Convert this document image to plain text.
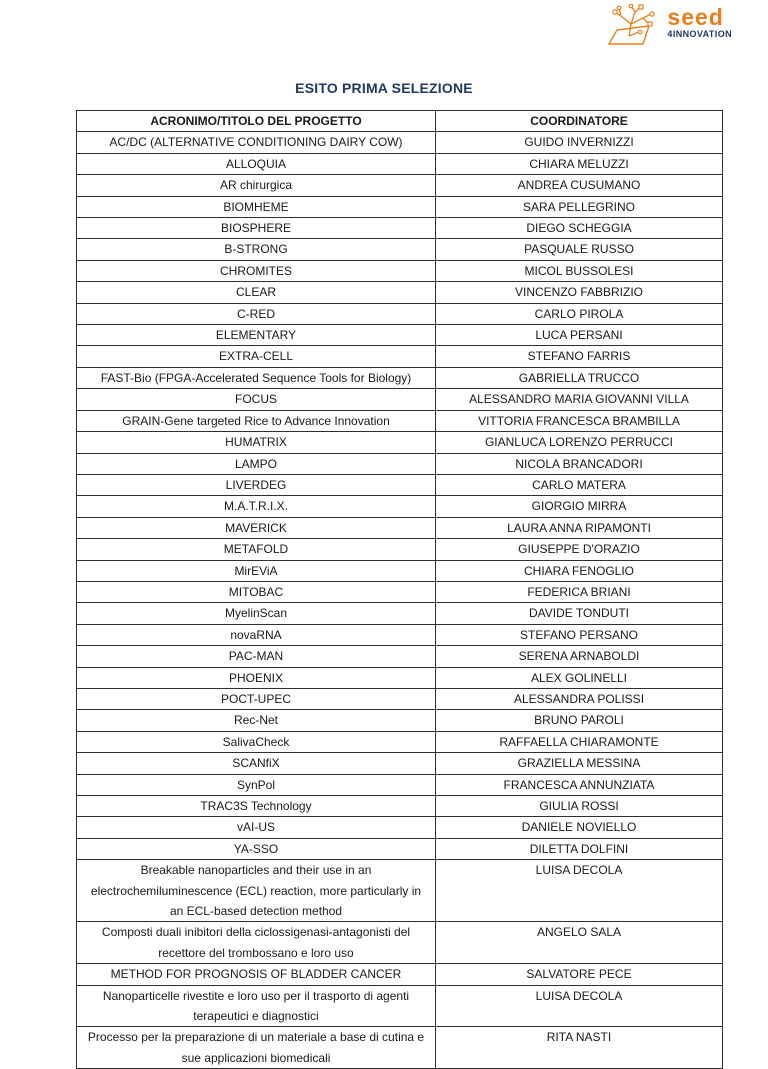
seed
4INNOVATION
ESITO PRIMA SELEZIONE
ACRONIMO/TITOLO DEL PROGETTO	COORDINATORE
AC/DC (ALTERNATIVE CONDITIONING DAIRY COW)	GUIDO INVERNIZZI
ALLOQUIA	CHIARA MELUZZI
AR chirurgica	ANDREA CUSUMANO
BIOMHEME	SARA PELLEGRINO
BIOSPHERE	DIEGO SCHEGGIA
B-STRONG	PASQUALE RUSSO
CHROMITES	MICOL BUSSOLESI
CLEAR	VINCENZO FABBRIZIO
C-RED	CARLO PIROLA
ELEMENTARY	LUCA PERSANI
EXTRA-CELL	STEFANO FARRIS
FAST-Bio (FPGA-Accelerated Sequence Tools for Biology)	GABRIELLA TRUCCO
FOCUS	ALESSANDRO MARIA GIOVANNI VILLA
GRAIN-Gene targeted Rice to Advance Innovation	VITTORIA FRANCESCA BRAMBILLA
HUMATRIX	GIANLUCA LORENZO PERRUCCI
LAMPO	NICOLA BRANCADORI
LIVERDEG	CARLO MATERA
M.A.T.R.I.X.	GIORGIO MIRRA
MAVERICK	LAURA ANNA RIPAMONTI
METAFOLD	GIUSEPPE D'ORAZIO
MirEViA	CHIARA FENOGLIO
MITOBAC	FEDERICA BRIANI
MyelinScan	DAVIDE TONDUTI
novaRNA	STEFANO PERSANO
PAC-MAN	SERENA ARNABOLDI
PHOENIX	ALEX GOLINELLI
POCT-UPEC	ALESSANDRA POLISSI
Rec-Net	BRUNO PAROLI
SalivaCheck	RAFFAELLA CHIARAMONTE
SCANfiX	GRAZIELLA MESSINA
SynPol	FRANCESCA ANNUNZIATA
TRAC3S Technology	GIULIA ROSSI
vAI-US	DANIELE NOVIELLO
YA-SSO	DILETTA DOLFINI
Breakable nanoparticles and their use in an electrochemiluminescence (ECL) reaction, more particularly in an ECL-based detection method	LUISA DECOLA
Composti duali inibitori della ciclossigenasi-antagonisti del recettore del trombossano e loro uso	ANGELO SALA
METHOD FOR PROGNOSIS OF BLADDER CANCER	SALVATORE PECE
Nanoparticelle rivestite e loro uso per il trasporto di agenti terapeutici e diagnostici	LUISA DECOLA
Processo per la preparazione di un materiale a base di cutina e sue applicazioni biomedicali	RITA NASTI
